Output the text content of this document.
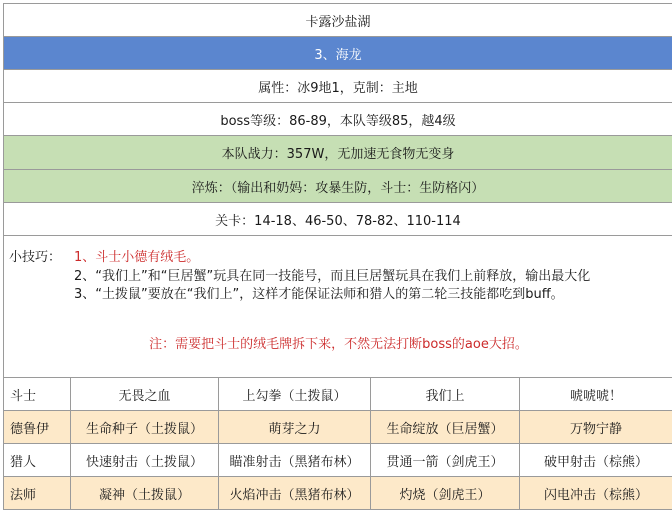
卡露沙盐湖
3、海龙
属性：冰9地1，克制：主地
boss等级：86-89，本队等级85，越4级
本队战力：357W，无加速无食物无变身
淬炼：（输出和奶妈：攻暴生防，斗士：生防格闪）
关卡：14-18、46-50、78-82、110-114
小技巧： 1、斗士小德有绒毛。
2、“我们上”和“巨居蟹”玩具在同一技能号，而且巨居蟹玩具在我们上前释放，输出最大化
3、“土拨鼠”要放在“我们上”，这样才能保证法师和猎人的第二轮三技能都吃到buff。
注：需要把斗士的绒毛牌拆下来，不然无法打断boss的aoe大招。
斗士	无畏之血	上勾拳（土拨鼠）	我们上	唬唬唬！
德鲁伊	生命种子（土拨鼠）	萌芽之力	生命绽放（巨居蟹）	万物宁静
猎人	快速射击（土拨鼠）	瞄准射击（黑猪布林）	贯通一箭（剑虎王）	破甲射击（棕熊）
法师	凝神（土拨鼠）	火焰冲击（黑猪布林）	灼烧（剑虎王）	闪电冲击（棕熊）
